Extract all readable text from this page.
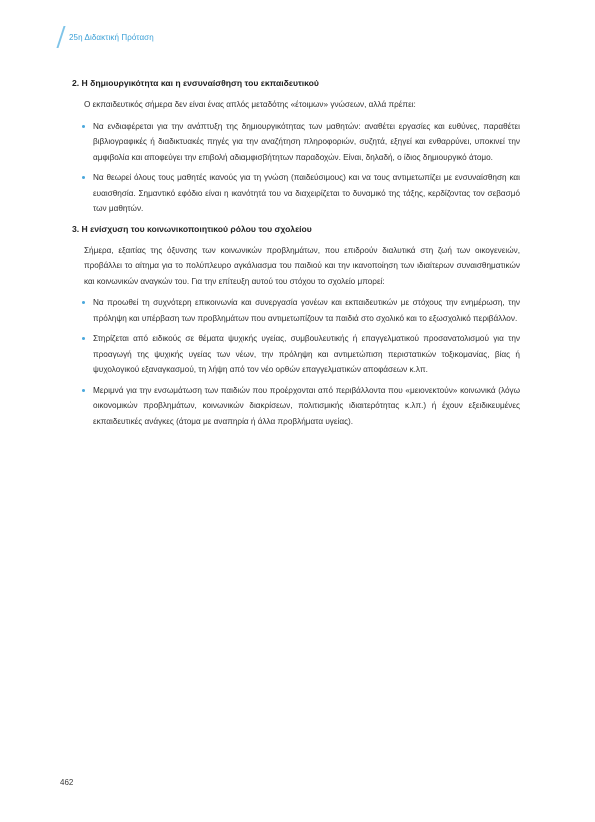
25η Διδακτική Πρόταση
2. Η δημιουργικότητα και η ενσυναίσθηση του εκπαιδευτικού

Ο εκπαιδευτικός σήμερα δεν είναι ένας απλός μεταδότης «έτοιμων» γνώσεων, αλλά πρέπει:

Να ενδιαφέρεται για την ανάπτυξη της δημιουργικότητας των μαθητών: αναθέτει εργασίες και ευθύνες, παραθέτει βιβλιογραφικές ή διαδικτυακές πηγές για την αναζήτηση πληροφοριών, συζητά, εξηγεί και ενθαρρύνει, υποκινεί την αμφιβολία και αποφεύγει την επιβολή αδιαμφισβήτητων παραδοχών. Είναι, δηλαδή, ο ίδιος δημιουργικό άτομο.
Να θεωρεί όλους τους μαθητές ικανούς για τη γνώση (παιδεύσιμους) και να τους αντιμετωπίζει με ενσυναίσθηση και ευαισθησία. Σημαντικό εφόδιο είναι η ικανότητά του να διαχειρίζεται το δυναμικό της τάξης, κερδίζοντας τον σεβασμό των μαθητών.
3. Η ενίσχυση του κοινωνικοποιητικού ρόλου του σχολείου

Σήμερα, εξαιτίας της όξυνσης των κοινωνικών προβλημάτων, που επιδρούν διαλυτικά στη ζωή των οικογενειών, προβάλλει το αίτημα για το πολύπλευρο αγκάλιασμα του παιδιού και την ικανοποίηση των ιδιαίτερων συναισθηματικών και κοινωνικών αναγκών του. Για την επίτευξη αυτού του στόχου το σχολείο μπορεί:

Να προωθεί τη συχνότερη επικοινωνία και συνεργασία γονέων και εκπαιδευτικών με στόχους την ενημέρωση, την πρόληψη και υπέρβαση των προβλημάτων που αντιμετωπίζουν τα παιδιά στο σχολικό και το εξωσχολικό περιβάλλον.
Στηρίζεται από ειδικούς σε θέματα ψυχικής υγείας, συμβουλευτικής ή επαγγελματικού προσανατολισμού για την προαγωγή της ψυχικής υγείας των νέων, την πρόληψη και αντιμετώπιση περιστατικών τοξικομανίας, βίας ή ψυχολογικού εξαναγκασμού, τη λήψη από τον νέο ορθών επαγγελματικών αποφάσεων κ.λπ.
Μεριμνά για την ενσωμάτωση των παιδιών που προέρχονται από περιβάλλοντα που «μειονεκτούν» κοινωνικά (λόγω οικονομικών προβλημάτων, κοινωνικών διακρίσεων, πολιτισμικής ιδιαιτερότητας κ.λπ.) ή έχουν εξειδικευμένες εκπαιδευτικές ανάγκες (άτομα με αναπηρία ή άλλα προβλήματα υγείας).
462
